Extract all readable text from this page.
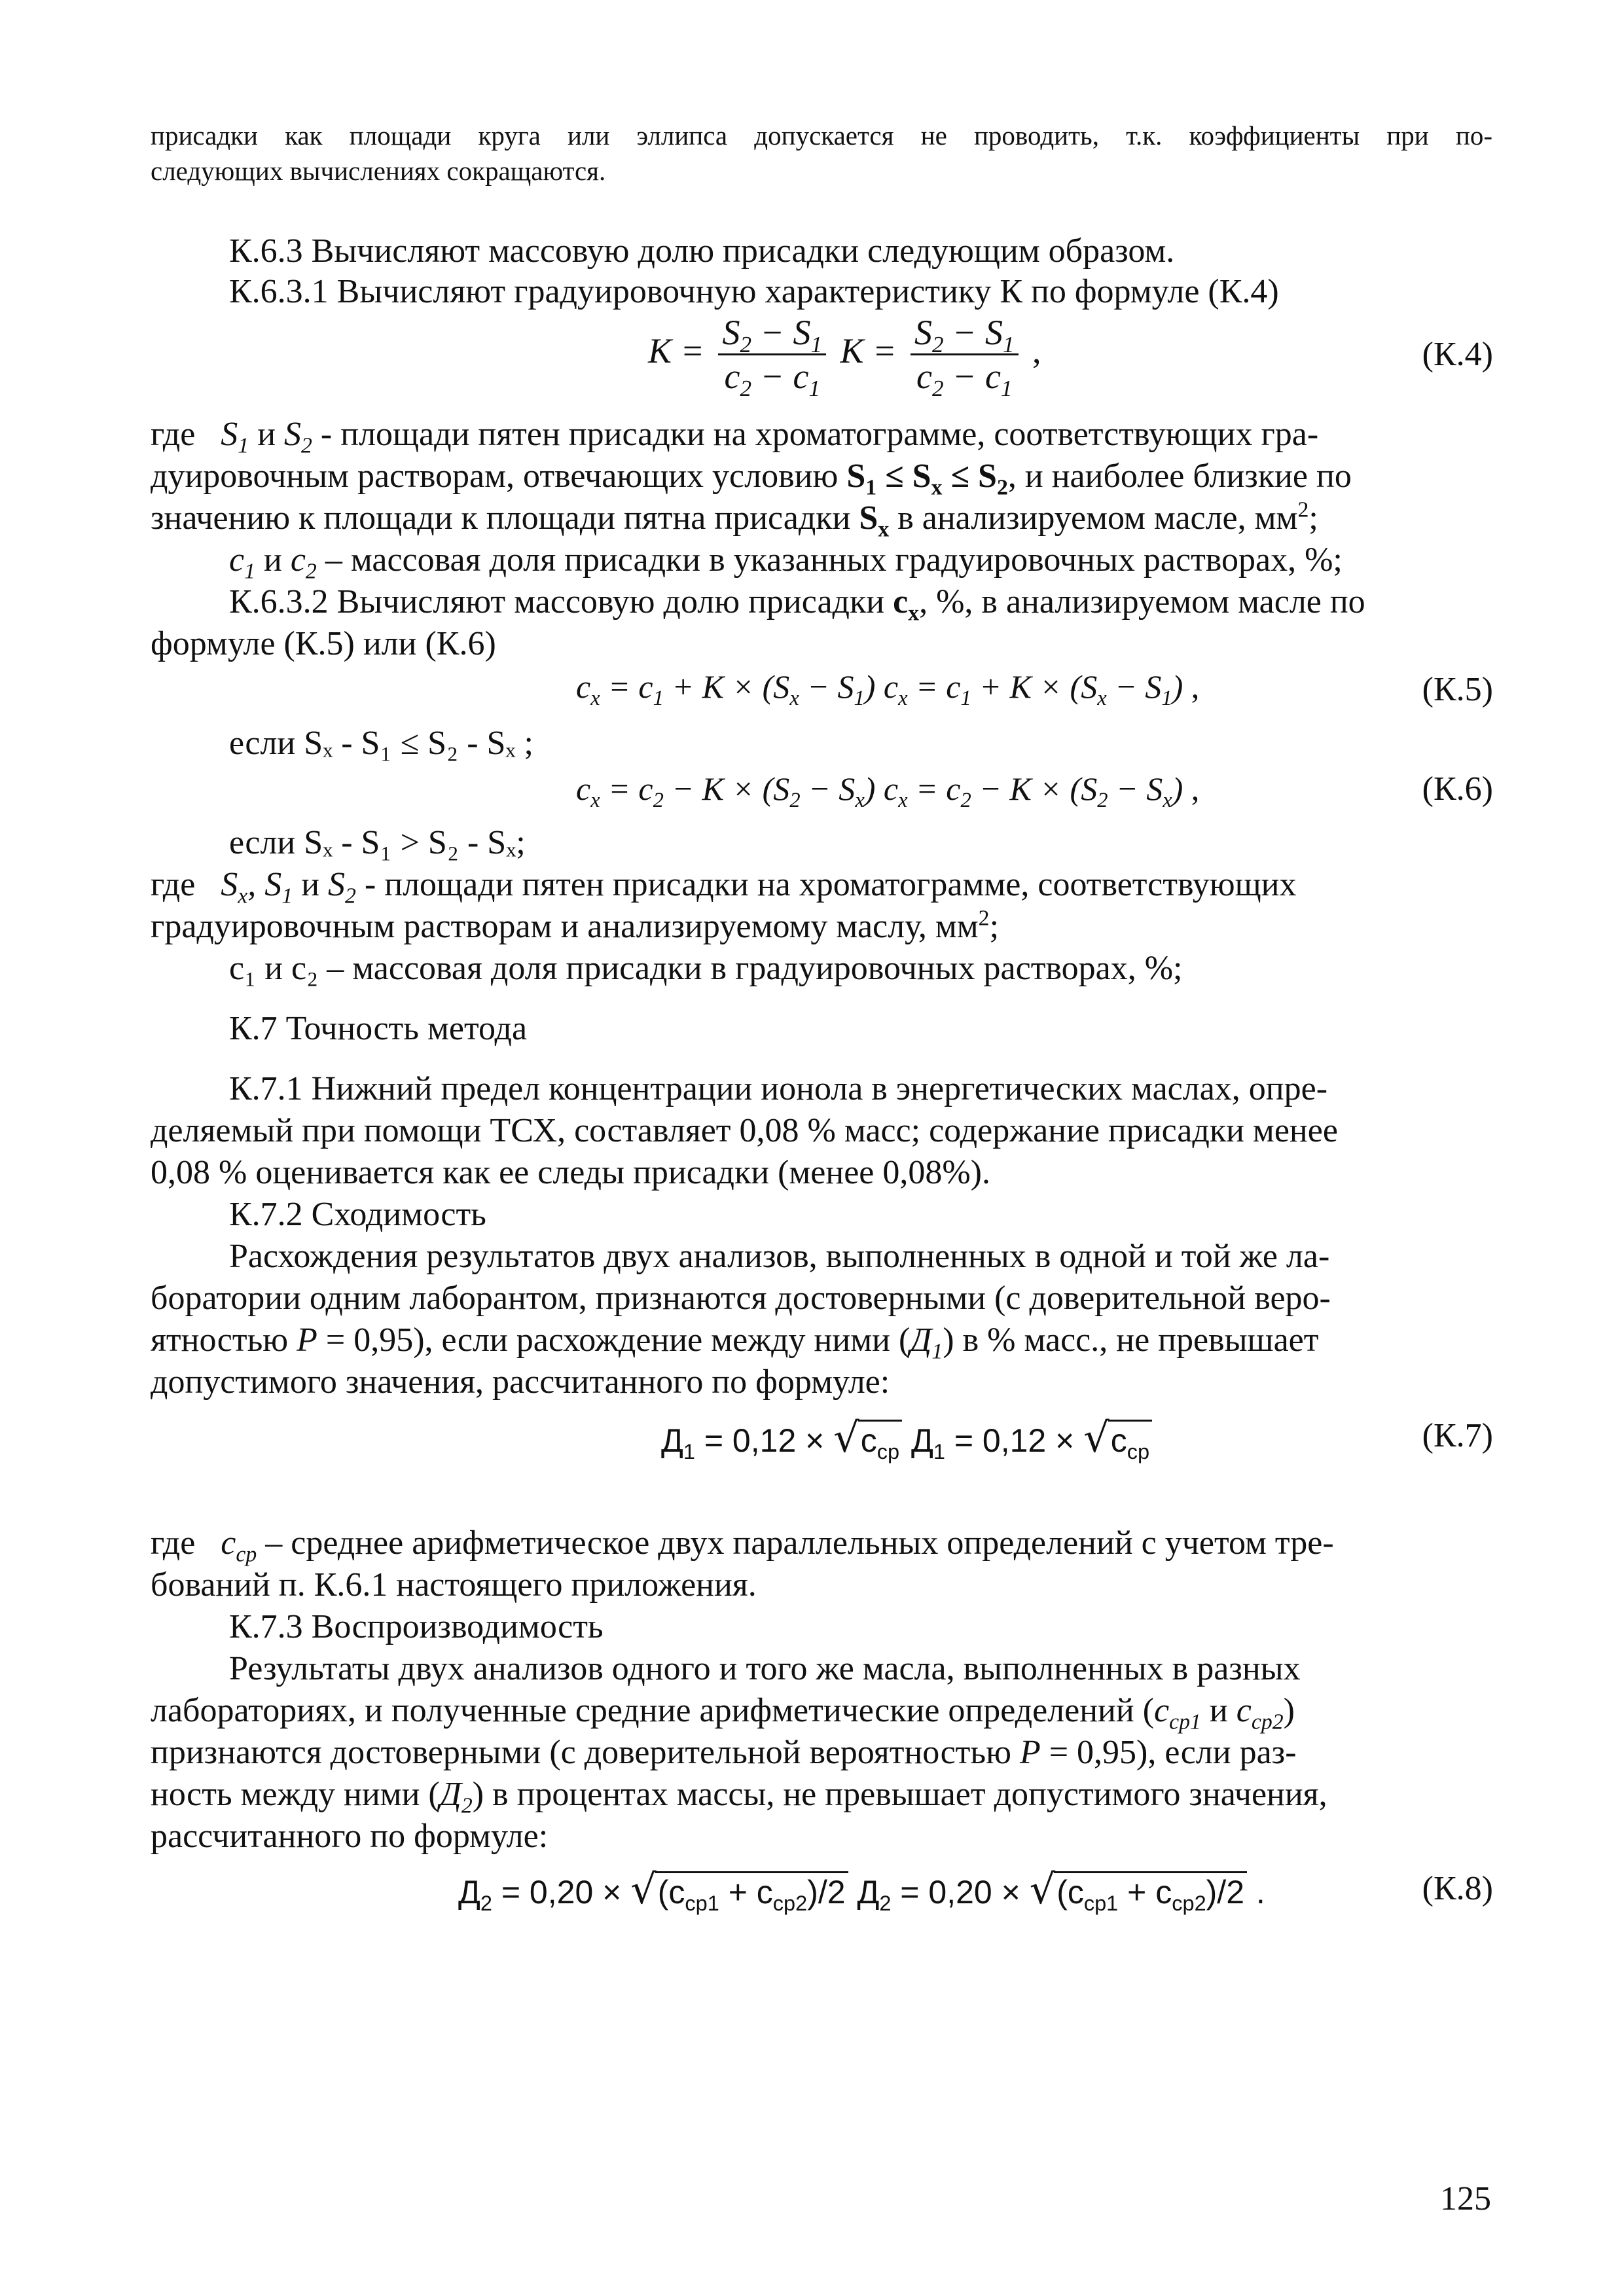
присадки как площади круга или эллипса допускается не проводить, т.к. коэффициенты при по-
следующих вычислениях сокращаются.
К.6.3 Вычисляют массовую долю присадки следующим образом.
К.6.3.1 Вычисляют градуировочную характеристику К по формуле (К.4)
$K = \frac{S_2 - S_1}{c_2 - c_1}$ $K = \frac{S_2 - S_1}{c_2 - c_1}$ ,	(К.4)
где $S_1$ и $S_2$ - площади пятен присадки на хроматограмме, соответствующих гра-
дуировочным растворам, отвечающих условию $S_1 \le S_x \le S_2$, и наиболее близкие по
значению к площади к площади пятна присадки $S_x$ в анализируемом масле, $мм^2$;
$c_1$ и $c_2$ – массовая доля присадки в указанных градуировочных растворах, %;
К.6.3.2 Вычисляют массовую долю присадки $c_x$, %, в анализируемом масле по
формуле (К.5) или (К.6)
$c_x = c_1 + K \times (S_x - S_1) c_x = c_1 + K \times (S_x - S_1)$ ,	(К.5)
если Sₓ - S₁ ≤ S₂ - Sₓ ;
$c_x = c_2 - K \times (S_2 - S_x) c_x = c_2 - K \times (S_2 - S_x)$ ,	(К.6)
если Sₓ - S₁ > S₂ - Sₓ;
где   $S_x$, $S_1$ и $S_2$ - площади пятен присадки на хроматограмме, соответствующих
градуировочным растворам и анализируемому маслу, $мм^2$;
c₁ и c₂ – массовая доля присадки в градуировочных растворах, %;
К.7 Точность метода
К.7.1 Нижний предел концентрации ионола в энергетических маслах, опре-
деляемый при помощи ТСХ, составляет 0,08 % масс; содержание присадки менее
0,08 % оценивается как ее следы присадки (менее 0,08%).
К.7.2 Сходимость
Расхождения результатов двух анализов, выполненных в одной и той же ла-
боратории одним лаборантом, признаются достоверными (с доверительной веро-
ятностью P = 0,95), если расхождение между ними $(Д_1)$ в % масс., не превышает
допустимого значения, рассчитанного по формуле:
$Д_1 = 0,12 \times √c_{ср}$ $Д_1 = 0,12 \times √c_{ср}$	(К.7)
где   $c_{ср}$ – среднее арифметическое двух параллельных определений с учетом тре-
бований п. К.6.1 настоящего приложения.
К.7.3 Воспроизводимость
Результаты двух анализов одного и того же масла, выполненных в разных
лабораториях, и полученные средние арифметические определений ($c_{ср1}$ и $c_{ср2}$)
признаются достоверными (с доверительной вероятностью P = 0,95), если раз-
ность между ними $(Д_2)$ в процентах массы, не превышает допустимого значения,
рассчитанного по формуле:
$Д_2 = 0,20 \times √(c_{ср1} + c_{ср2})/2$ $Д_2 = 0,20 \times √(c_{ср1} + c_{ср2})/2$ .	(К.8)
125
